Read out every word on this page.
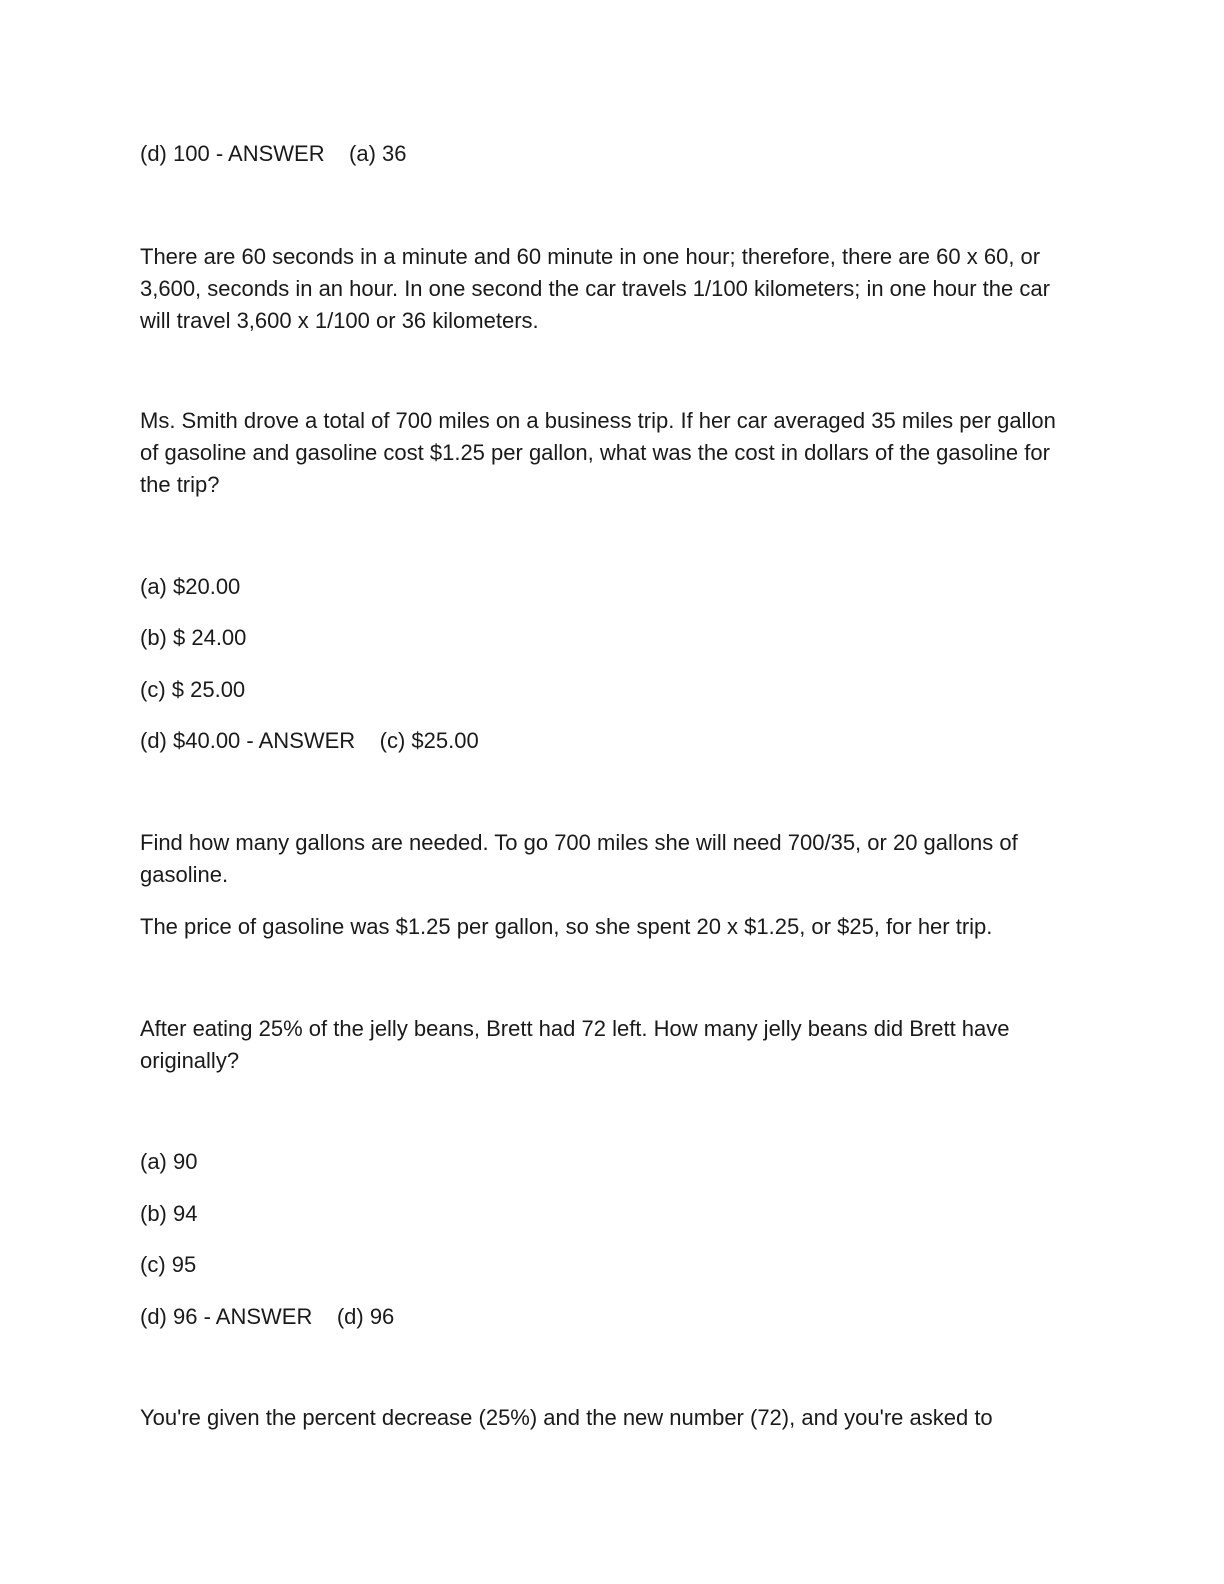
(d) 100 - ANSWER    (a) 36

There are 60 seconds in a minute and 60 minute in one hour; therefore, there are 60 x 60, or 3,600, seconds in an hour. In one second the car travels 1/100 kilometers; in one hour the car will travel 3,600 x 1/100 or 36 kilometers.

Ms. Smith drove a total of 700 miles on a business trip. If her car averaged 35 miles per gallon of gasoline and gasoline cost $1.25 per gallon, what was the cost in dollars of the gasoline for the trip?

(a) $20.00

(b) $ 24.00

(c) $ 25.00

(d) $40.00 - ANSWER    (c) $25.00

Find how many gallons are needed. To go 700 miles she will need 700/35, or 20 gallons of gasoline.

The price of gasoline was $1.25 per gallon, so she spent 20 x $1.25, or $25, for her trip.

After eating 25% of the jelly beans, Brett had 72 left. How many jelly beans did Brett have originally?

(a) 90

(b) 94

(c) 95

(d) 96 - ANSWER    (d) 96

You're given the percent decrease (25%) and the new number (72), and you're asked to
